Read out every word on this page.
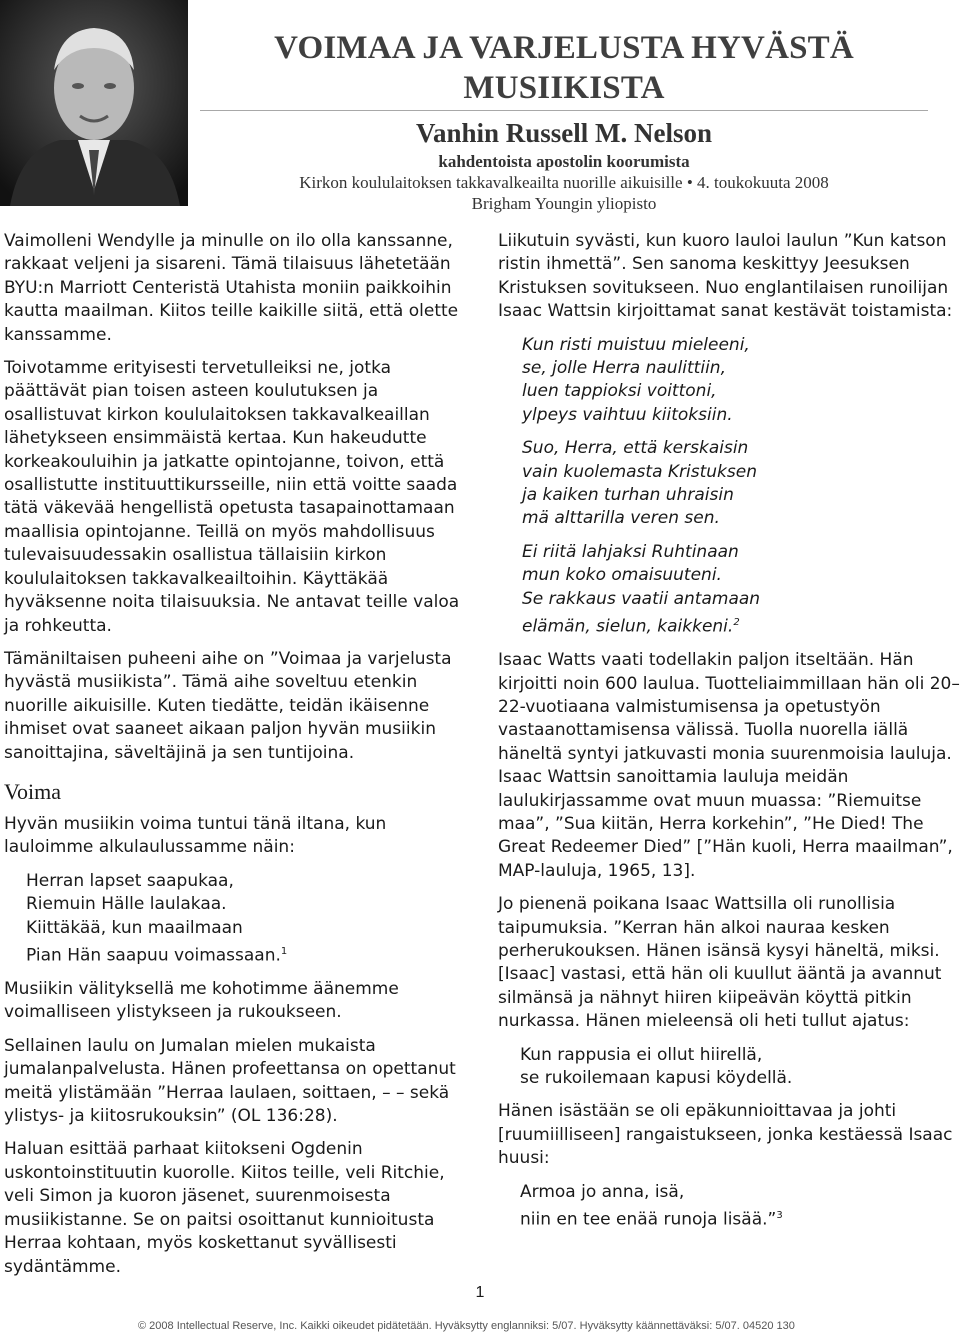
VOIMAA JA VARJELUSTA HYVÄSTÄ MUSIIKISTA
Vanhin Russell M. Nelson
kahdentoista apostolin koorumista
Kirkon koululaitoksen takkavalkeailta nuorille aikuisille • 4. toukokuuta 2008
Brigham Youngin yliopisto

Vaimolleni Wendylle ja minulle on ilo olla kanssanne, rakkaat veljeni ja sisareni. Tämä tilaisuus lähetetään BYU:n Marriott Centeristä Utahista moniin paikkoihin kautta maailman. Kiitos teille kaikille siitä, että olette kanssamme.

Toivotamme erityisesti tervetulleiksi ne, jotka päättävät pian toisen asteen koulutuksen ja osallistuvat kirkon koululaitoksen takkavalkeaillan lähetykseen ensimmäistä kertaa. Kun hakeudutte korkeakouluihin ja jatkatte opintojanne, toivon, että osallistutte instituuttikursseille, niin että voitte saada tätä väkevää hengellistä opetusta tasapainottamaan maallisia opintojanne. Teillä on myös mahdollisuus tulevaisuudessakin osallistua tällaisiin kirkon koululaitoksen takkavalkeailtoihin. Käyttäkää hyväksenne noita tilaisuuksia. Ne antavat teille valoa ja rohkeutta.

Tämäniltaisen puheeni aihe on ”Voimaa ja varjelusta hyvästä musiikista”. Tämä aihe soveltuu etenkin nuorille aikuisille. Kuten tiedätte, teidän ikäisenne ihmiset ovat saaneet aikaan paljon hyvän musiikin sanoittajina, säveltäjinä ja sen tuntijoina.

Voima

Hyvän musiikin voima tuntui tänä iltana, kun lauloimme alkulaulussamme näin:

Herran lapset saapukaa,
Riemuin Hälle laulakaa.
Kiittäkää, kun maailmaan
Pian Hän saapuu voimassaan.$^1$

Musiikin välityksellä me kohotimme äänemme voimalliseen ylistykseen ja rukoukseen.

Sellainen laulu on Jumalan mielen mukaista jumalanpalvelusta. Hänen profeettansa on opettanut meitä ylistämään ”Herraa laulaen, soittaen, – – sekä ylistys- ja kiitosrukouksin” (OL 136:28).

Haluan esittää parhaat kiitokseni Ogdenin uskontoinstituutin kuorolle. Kiitos teille, veli Ritchie, veli Simon ja kuoron jäsenet, suurenmoisesta musiikistanne. Se on paitsi osoittanut kunnioitusta Herraa kohtaan, myös koskettanut syvällisesti sydäntämme.

Liikutuin syvästi, kun kuoro lauloi laulun ”Kun katson ristin ihmettä”. Sen sanoma keskittyy Jeesuksen Kristuksen sovitukseen. Nuo englantilaisen runoilijan Isaac Wattsin kirjoittamat sanat kestävät toistamista:

Kun risti muistuu mieleeni,
se, jolle Herra naulittiin,
luen tappioksi voittoni,
ylpeys vaihtuu kiitoksiin.
Suo, Herra, että kerskaisin
vain kuolemasta Kristuksen
ja kaiken turhan uhraisin
mä alttarilla veren sen.
Ei riitä lahjaksi Ruhtinaan
mun koko omaisuuteni.
Se rakkaus vaatii antamaan
elämän, sielun, kaikkeni.$^2$

Isaac Watts vaati todellakin paljon itseltään. Hän kirjoitti noin 600 laulua. Tuotteliaimmillaan hän oli 20–22-vuotiaana valmistumisensa ja opetustyön vastaanottamisensa välissä. Tuolla nuorella iällä häneltä syntyi jatkuvasti monia suurenmoisia lauluja. Isaac Wattsin sanoittamia lauluja meidän laulukirjassamme ovat muun muassa: ”Riemuitse maa”, ”Sua kiitän, Herra korkehin”, ”He Died! The Great Redeemer Died” [”Hän kuoli, Herra maailman”, MAP-lauluja, 1965, 13].

Jo pienenä poikana Isaac Wattsilla oli runollisia taipumuksia. ”Kerran hän alkoi nauraa kesken perherukouksen. Hänen isänsä kysyi häneltä, miksi. [Isaac] vastasi, että hän oli kuullut ääntä ja avannut silmänsä ja nähnyt hiiren kiipeävän köyttä pitkin nurkassa. Hänen mieleensä oli heti tullut ajatus:

Kun rappusia ei ollut hiirellä,
se rukoilemaan kapusi köydellä.

Hänen isästään se oli epäkunnioittavaa ja johti [ruumiilliseen] rangaistukseen, jonka kestäessä Isaac huusi:

Armoa jo anna, isä,
niin en tee enää runoja lisää.”$^3$
1
© 2008 Intellectual Reserve, Inc. Kaikki oikeudet pidätetään. Hyväksytty englanniksi: 5/07. Hyväksytty käännettäväksi: 5/07. 04520 130
